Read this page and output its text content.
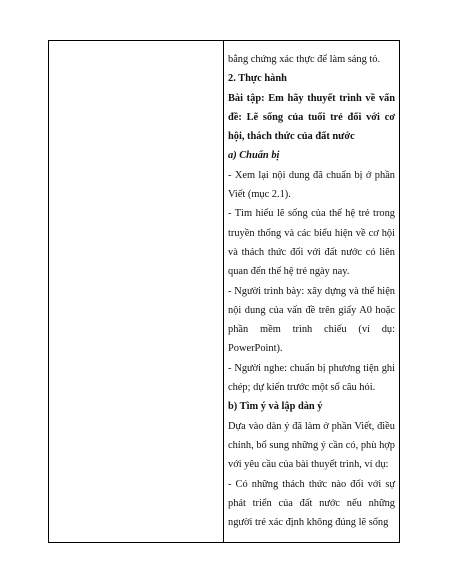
bằng chứng xác thực để làm sáng tỏ.

2. Thực hành

Bài tập: Em hãy thuyết trình về vấn đề: Lẽ sống của tuổi trẻ đối với cơ hội, thách thức của đất nước

a) Chuẩn bị

- Xem lại nội dung đã chuẩn bị ở phần Viết (mục 2.1).

- Tìm hiểu lẽ sống của thế hệ trẻ trong truyền thống và các biểu hiện về cơ hội và thách thức đối với đất nước có liên quan đến thế hệ trẻ ngày nay.

- Người trình bày: xây dựng và thể hiện nội dung của vấn đề trên giấy A0 hoặc phần mềm trình chiếu (ví dụ: PowerPoint).

- Người nghe: chuẩn bị phương tiện ghi chép; dự kiến trước một số câu hỏi.

b) Tìm ý và lập dàn ý

Dựa vào dàn ý đã làm ở phần Viết, điều chỉnh, bổ sung những ý cần có, phù hợp với yêu cầu của bài thuyết trình, ví dụ:

- Có những thách thức nào đối với sự phát triển của đất nước nếu những người trẻ xác định không đúng lẽ sống
